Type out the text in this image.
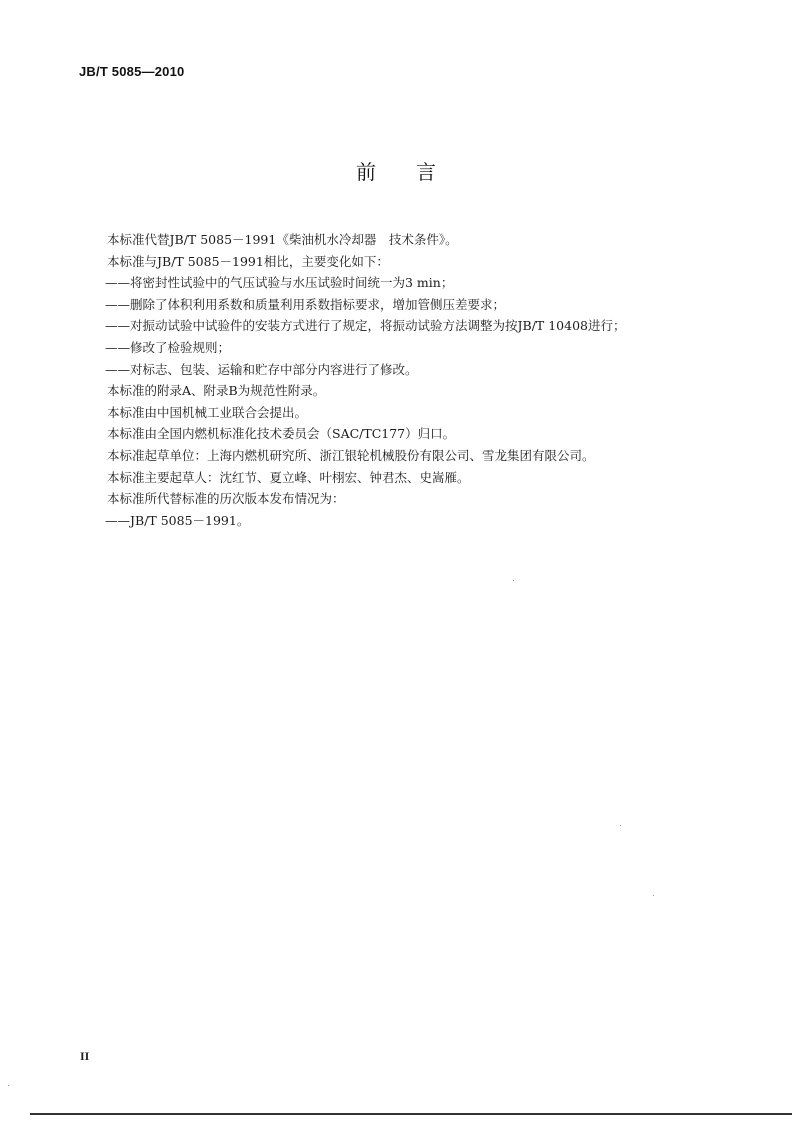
JB/T 5085—2010
前言
本标准代替JB/T 5085－1991《柴油机水冷却器　技术条件》。
本标准与JB/T 5085－1991相比，主要变化如下：
——将密封性试验中的气压试验与水压试验时间统一为3 min；
——删除了体积利用系数和质量利用系数指标要求，增加管侧压差要求；
——对振动试验中试验件的安装方式进行了规定，将振动试验方法调整为按JB/T 10408进行；
——修改了检验规则；
——对标志、包装、运输和贮存中部分内容进行了修改。
本标准的附录A、附录B为规范性附录。
本标准由中国机械工业联合会提出。
本标准由全国内燃机标准化技术委员会（SAC/TC177）归口。
本标准起草单位：上海内燃机研究所、浙江银轮机械股份有限公司、雪龙集团有限公司。
本标准主要起草人：沈红节、夏立峰、叶栩宏、钟君杰、史嵩雁。
本标准所代替标准的历次版本发布情况为：
——JB/T 5085－1991。
II
